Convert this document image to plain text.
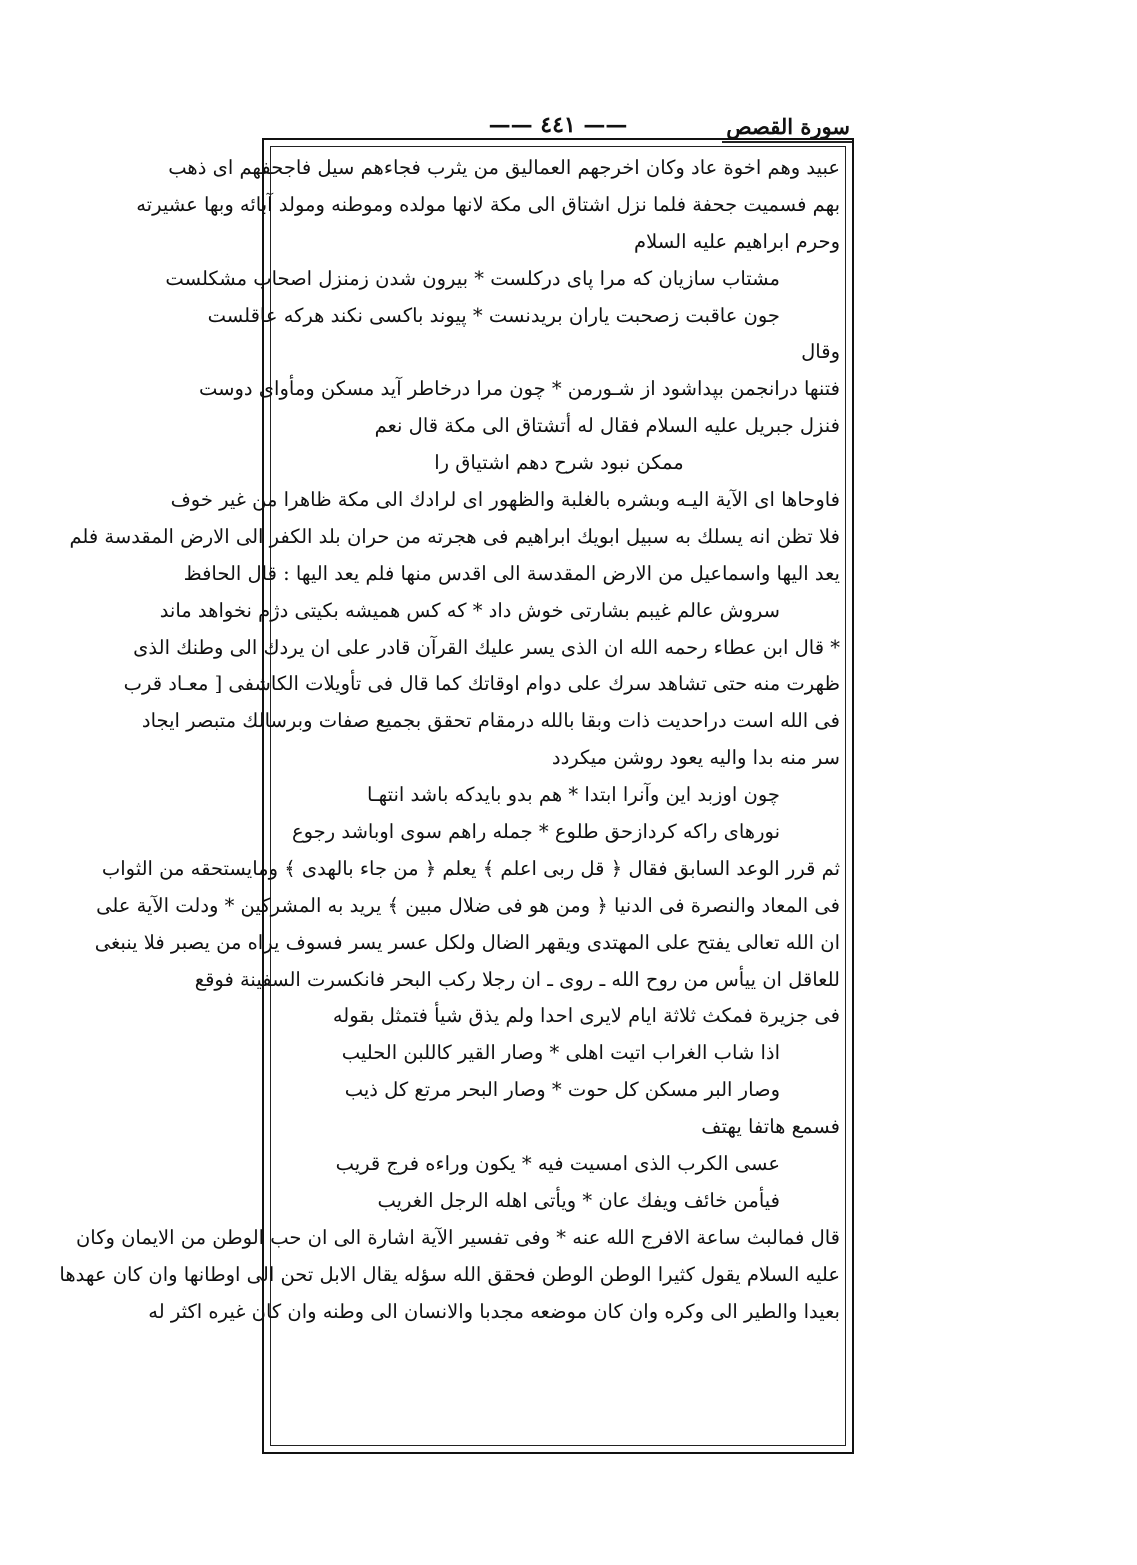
سورة القصص
—— ٤٤١ ——
عبيد وهم اخوة عاد وكان اخرجهم العماليق من يثرب فجاءهم سيل فاجحفهم اى ذهب
بهم فسميت جحفة فلما نزل اشتاق الى مكة لانها مولده وموطنه ومولد آبائه وبها عشيرته
وحرم ابراهيم عليه السلام
مشتاب سازيان كه مرا پاى دركلست * بيرون شدن زمنزل اصحاب مشكلست
جون عاقبت زصحبت ياران بريدنست * پيوند باكسى نكند هركه عاقلست
وقال
فتنها درانجمن بپداشود از شـورمن * چون مرا درخاطر آيد مسكن ومأواى دوست
فنزل جبريل عليه السلام فقال له أتشتاق الى مكة قال نعم
ممكن نبود شرح دهم اشتياق را
فاوحاها اى الآية اليـه وبشره بالغلبة والظهور اى لرادك الى مكة ظاهرا من غير خوف
فلا تظن انه يسلك به سبيل ابويك ابراهيم فى هجرته من حران بلد الكفر الى الارض المقدسة فلم
يعد اليها واسماعيل من الارض المقدسة الى اقدس منها فلم يعد اليها : قال الحافظ
سروش عالم غيبم بشارتى خوش داد * كه كس هميشه بكيتى دژم نخواهد ماند
* قال ابن عطاء رحمه الله ان الذى يسر عليك القرآن قادر على ان يردك الى وطنك الذى
ظهرت منه حتى تشاهد سرك على دوام اوقاتك كما قال فى تأويلات الكاشفى [ معـاد قرب
فى الله است دراحديت ذات وبقا بالله درمقام تحقق بجميع صفات وبرسالك متبصر ايجاد
سر منه بدا واليه يعود روشن ميكردد
چون اوزبد اين وآنرا ابتدا * هم بدو بايدكه باشد انتهـا
نورهاى راكه كردازحق طلوع * جمله راهم سوى اوباشد رجوع
ثم قرر الوعد السابق فقال ﴿ قل ربى اعلم ﴾ يعلم ﴿ من جاء بالهدى ﴾ ومايستحقه من الثواب
فى المعاد والنصرة فى الدنيا ﴿ ومن هو فى ضلال مبين ﴾ يريد به المشركين * ودلت الآية على
ان الله تعالى يفتح على المهتدى ويقهر الضال ولكل عسر يسر فسوف يراه من يصبر فلا ينبغى
للعاقل ان ييأس من روح الله ـ روى ـ ان رجلا ركب البحر فانكسرت السفينة فوقع
فى جزيرة فمكث ثلاثة ايام لايرى احدا ولم يذق شيأ فتمثل بقوله
اذا شاب الغراب اتيت اهلى * وصار القير كاللبن الحليب
وصار البر مسكن كل حوت * وصار البحر مرتع كل ذيب
فسمع هاتفا يهتف
عسى الكرب الذى امسيت فيه * يكون وراءه فرج قريب
فيأمن خائف ويفك عان * ويأتى اهله الرجل الغريب
قال فمالبث ساعة الافرج الله عنه * وفى تفسير الآية اشارة الى ان حب الوطن من الايمان وكان
عليه السلام يقول كثيرا الوطن الوطن فحقق الله سؤله يقال الابل تحن الى اوطانها وان كان عهدها
بعيدا والطير الى وكره وان كان موضعه مجدبا والانسان الى وطنه وان كان غيره اكثر له
